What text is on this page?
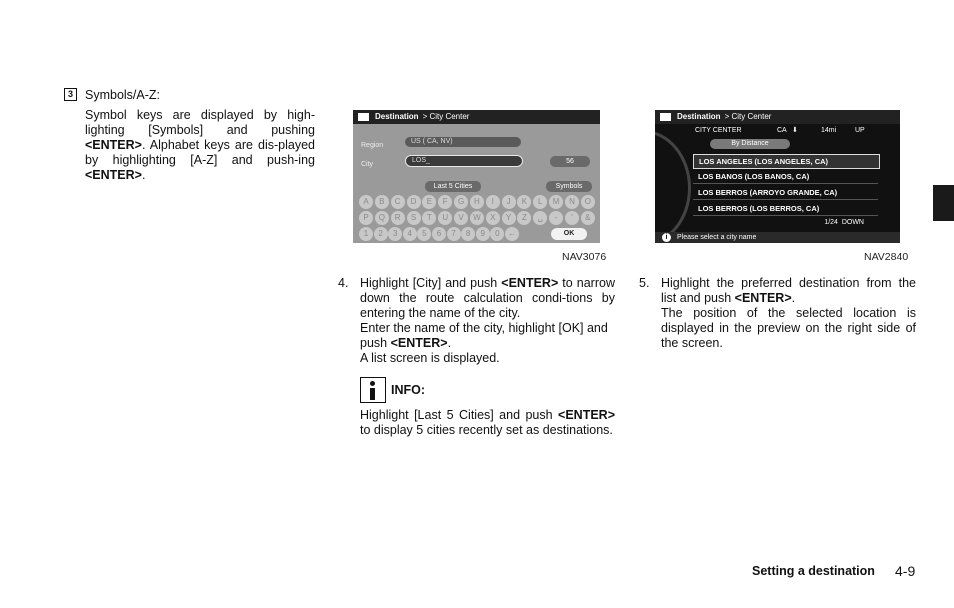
3 Symbols/A-Z:
Symbol keys are displayed by high-lighting [Symbols] and pushing <ENTER>. Alphabet keys are dis-played by highlighting [A-Z] and push-ing <ENTER>.
Destination > City Center
Region
US ( CA, NV)
City
LOS_	56
Last 5 Cities	Symbols
A	B	C	D	E	F	G	H	I	J	K	L	M	N	O
P	Q	R	S	T	U	V	W	X	Y	Z	␣	-	'	&
1	2	3	4	5	6	7	8	9	0	←	OK
NAV3076
Destination > City Center
CITY CENTER	CA ⬇	14mi	UP
By Distance
LOS ANGELES (LOS ANGELES, CA)
LOS BANOS (LOS BANOS, CA)
LOS BERROS (ARROYO GRANDE, CA)
LOS BERROS (LOS BERROS, CA)
1/24 DOWN
i	Please select a city name
NAV2840
4. Highlight [City] and push <ENTER> to narrow down the route calculation condi-tions by entering the name of the city.
Enter the name of the city, highlight [OK] and push <ENTER>.
A list screen is displayed.
INFO:
Highlight [Last 5 Cities] and push <ENTER> to display 5 cities recently set as destinations.
5. Highlight the preferred destination from the list and push <ENTER>.
The position of the selected location is displayed in the preview on the right side of the screen.
Setting a destination 4-9
